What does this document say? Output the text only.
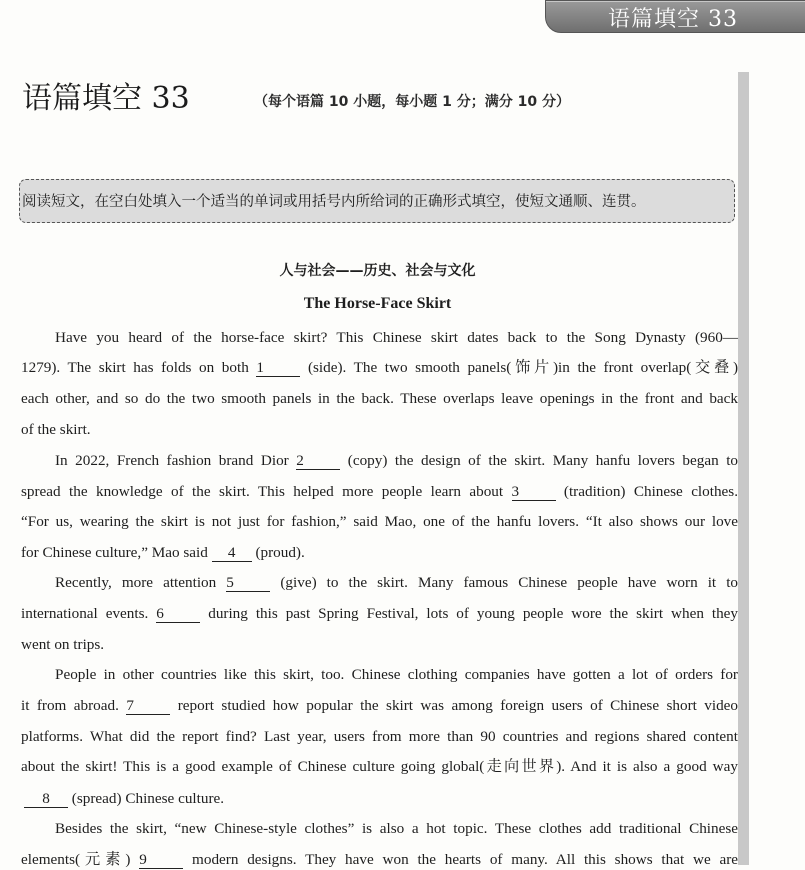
语篇填空 33
语篇填空 33	（每个语篇 10 小题，每小题 1 分；满分 10 分）
阅读短文，在空白处填入一个适当的单词或用括号内所给词的正确形式填空，使短文通顺、连贯。
人与社会——历史、社会与文化
The Horse-Face Skirt
Have you heard of the horse-face skirt? This Chinese skirt dates back to the Song Dynasty (960—
1279). The skirt has folds on both 1	(side). The two smooth panels(饰片)in the front overlap(交叠)
each other, and so do the two smooth panels in the back. These overlaps leave openings in the front and back
of the skirt.
In 2022, French fashion brand Dior 2	(copy) the design of the skirt. Many hanfu lovers began to
spread the knowledge of the skirt. This helped more people learn about 3	(tradition) Chinese clothes.
“For us, wearing the skirt is not just for fashion,” said Mao, one of the hanfu lovers. “It also shows our love
for Chinese culture,” Mao said 4 (proud).
Recently, more attention 5	(give) to the skirt. Many famous Chinese people have worn it to
international events. 6	during this past Spring Festival, lots of young people wore the skirt when they
went on trips.
People in other countries like this skirt, too. Chinese clothing companies have gotten a lot of orders for
it from abroad. 7	report studied how popular the skirt was among foreign users of Chinese short video
platforms. What did the report find? Last year, users from more than 90 countries and regions shared content
about the skirt! This is a good example of Chinese culture going global(走向世界). And it is also a good way
8 (spread) Chinese culture.
Besides the skirt, “new Chinese-style clothes” is also a hot topic. These clothes add traditional Chinese
elements(元素) 9	modern designs. They have won the hearts of many. All this shows that we are
